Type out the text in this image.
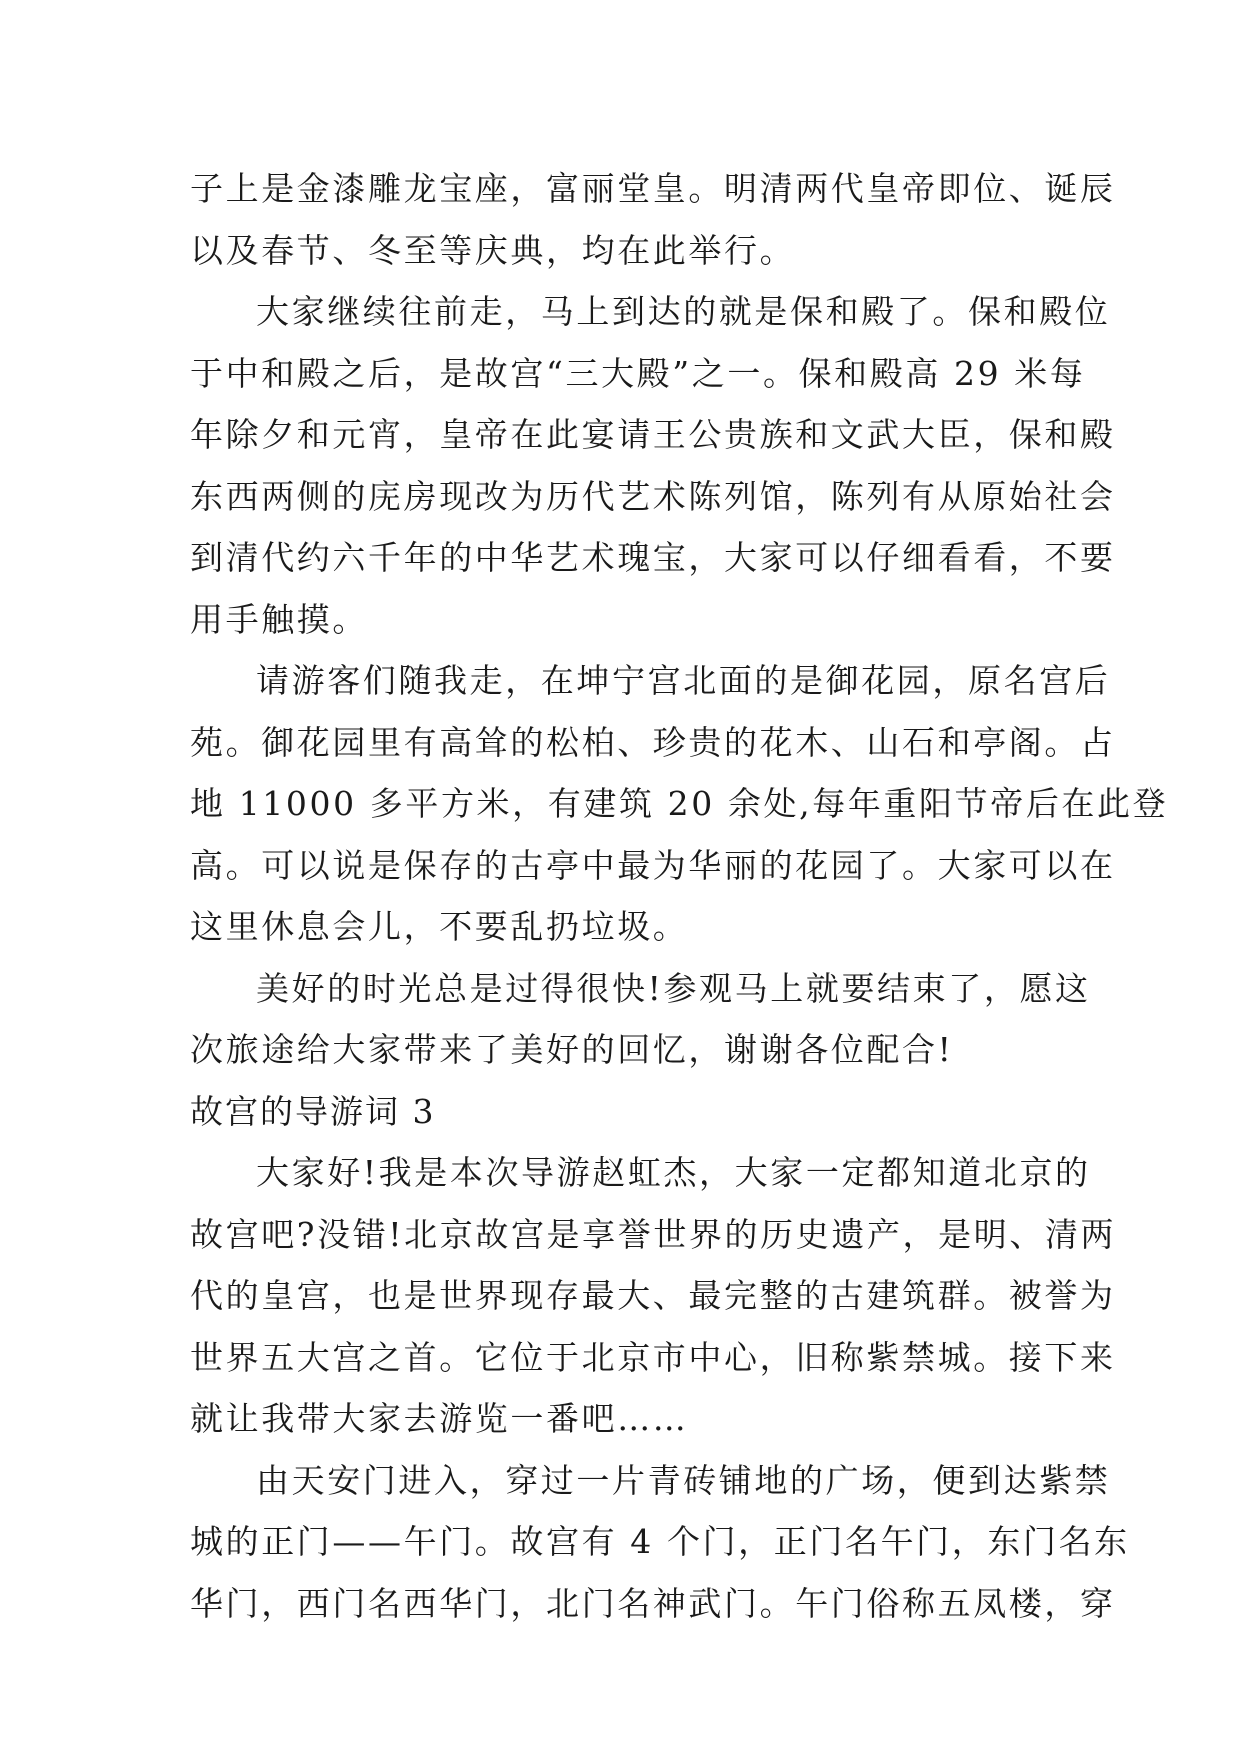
子上是金漆雕龙宝座，富丽堂皇。明清两代皇帝即位、诞辰
以及春节、冬至等庆典，均在此举行。
大家继续往前走，马上到达的就是保和殿了。保和殿位
于中和殿之后，是故宫“三大殿”之一。保和殿高 29 米每
年除夕和元宵，皇帝在此宴请王公贵族和文武大臣，保和殿
东西两侧的庑房现改为历代艺术陈列馆，陈列有从原始社会
到清代约六千年的中华艺术瑰宝，大家可以仔细看看，不要
用手触摸。
请游客们随我走，在坤宁宫北面的是御花园，原名宫后
苑。御花园里有高耸的松柏、珍贵的花木、山石和亭阁。占
地 11000 多平方米，有建筑 20 余处,每年重阳节帝后在此登
高。可以说是保存的古亭中最为华丽的花园了。大家可以在
这里休息会儿，不要乱扔垃圾。
美好的时光总是过得很快!参观马上就要结束了，愿这
次旅途给大家带来了美好的回忆，谢谢各位配合!
故宫的导游词 3
大家好!我是本次导游赵虹杰，大家一定都知道北京的
故宫吧?没错!北京故宫是享誉世界的历史遗产，是明、清两
代的皇宫，也是世界现存最大、最完整的古建筑群。被誉为
世界五大宫之首。它位于北京市中心，旧称紫禁城。接下来
就让我带大家去游览一番吧……
由天安门进入，穿过一片青砖铺地的广场，便到达紫禁
城的正门——午门。故宫有 4 个门，正门名午门，东门名东
华门，西门名西华门，北门名神武门。午门俗称五凤楼，穿
